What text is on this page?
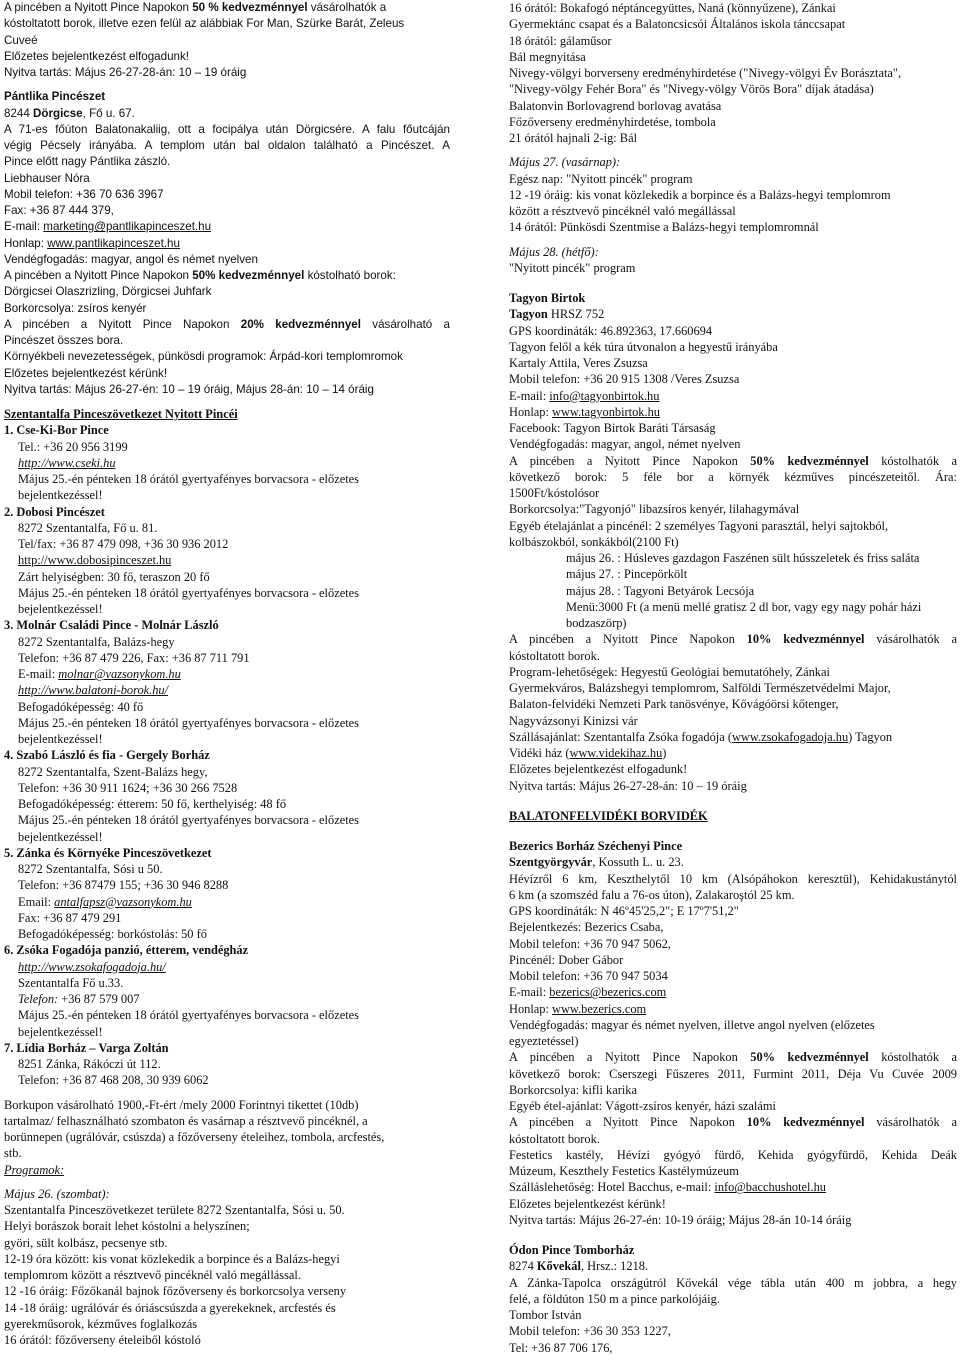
A pincében a Nyitott Pince Napokon 50 % kedvezménnyel vásárolhatók a
kóstoltatott borok, illetve ezen felül az alábbiak For Man, Szürke Barát, Zeleus
Cuveé
Előzetes bejelentkezést elfogadunk!
Nyitva tartás: Május 26-27-28-án: 10 – 19 óráig
Pántlika Pincészet
8244 Dörgicse, Fő u. 67.
A 71-es főúton Balatonakaliig, ott a focipálya után Dörgicsére. A falu főutcáján
végig Pécsely irányába. A templom után bal oldalon található a Pincészet. A
Pince előtt nagy Pántlika zászló.
Liebhauser Nóra
Mobil telefon: +36 70 636 3967
Fax: +36 87 444 379,
E-mail: marketing@pantlikapinceszet.hu
Honlap: www.pantlikapinceszet.hu
Vendégfogadás: magyar, angol és német nyelven
A pincében a Nyitott Pince Napokon 50% kedvezménnyel kóstolható borok:
Dörgicsei Olaszrizling, Dörgicsei Juhfark
Borkorcsolya: zsíros kenyér
A pincében a Nyitott Pince Napokon 20% kedvezménnyel vásárolható a
Pincészet összes bora.
Környékbeli nevezetességek, pünkösdi programok: Árpád-kori templomromok
Előzetes bejelentkezést kérünk!
Nyitva tartás: Május 26-27-én: 10 – 19 óráig, Május 28-án: 10 – 14 óráig
Szentantalfa Pinceszövetkezet Nyitott Pincéi
1. Cse-Ki-Bor Pince
Tel.: +36 20 956 3199
http://www.cseki.hu
Május 25.-én pénteken 18 órától gyertyafényes borvacsora - előzetes
bejelentkezéssel!
2. Dobosi Pincészet
8272 Szentantalfa, Fő u. 81.
Tel/fax: +36 87 479 098, +36 30 936 2012
http://www.dobosipinceszet.hu
Zárt helyiségben: 30 fő, teraszon 20 fő
Május 25.-én pénteken 18 órától gyertyafényes borvacsora - előzetes
bejelentkezéssel!
3. Molnár Családi Pince - Molnár László
8272 Szentantalfa, Balázs-hegy
Telefon: +36 87 479 226, Fax: +36 87 711 791
E-mail: molnar@vazsonykom.hu
http://www.balatoni-borok.hu/
Befogadóképesség: 40 fő
Május 25.-én pénteken 18 órától gyertyafényes borvacsora - előzetes
bejelentkezéssel!
4. Szabó László és fia - Gergely Borház
8272 Szentantalfa, Szent-Balázs hegy,
Telefon: +36 30 911 1624; +36 30 266 7528
Befogadóképesség: étterem: 50 fő, kerthelyiség: 48 fő
Május 25.-én pénteken 18 órától gyertyafényes borvacsora - előzetes
bejelentkezéssel!
5. Zánka és Környéke Pinceszövetkezet
8272 Szentantalfa, Sósi u 50.
Telefon: +36 87479 155; +36 30 946 8288
Email: antalfapsz@vazsonykom.hu
Fax: +36 87 479 291
Befogadóképesség: borkóstolás: 50 fő
6. Zsóka Fogadója panzió, étterem, vendégház
http://www.zsokafogadoja.hu/
Szentantalfa Fő u.33.
Telefon: +36 87 579 007
Május 25.-én pénteken 18 órától gyertyafényes borvacsora - előzetes
bejelentkezéssel!
7. Lídia Borház – Varga Zoltán
8251 Zánka, Rákóczi út 112.
Telefon: +36 87 468 208, 30 939 6062
Borkupon vásárolható 1900,-Ft-ért /mely 2000 Forintnyi tikettet (10db)
tartalmaz/ felhasználható szombaton és vasárnap a résztvevő pincéknél, a
borünnepen (ugrálóvár, csúszda) a főzőverseny ételeihez, tombola, arcfestés,
stb.
Programok:
Május 26. (szombat):
Szentantalfa Pinceszövetkezet területe 8272 Szentantalfa, Sósi u. 50.
Helyi borászok borait lehet kóstolni a helyszínen;
györi, sült kolbász, pecsenye stb.
12-19 óra között: kis vonat közlekedik a borpince és a Balázs-hegyi
templomrom között a résztvevő pincéknél való megállással.
12 -16 óráig: Főzőkanál bajnok főzőverseny és borkorcsolya verseny
14 -18 óráig: ugrálóvár és óriáscsúszda a gyerekeknek, arcfestés és
gyerekműsorok, kézműves foglalkozás
16 órától: főzőverseny ételeiből kóstoló
16 órától: Bokafogó néptáncegyüttes, Naná (könnyűzene), Zánkai
Gyermektánc csapat és a Balatoncsicsói Általános iskola tánccsapat
18 órától: gálaműsor
Bál megnyitása
Nivegy-völgyi borverseny eredményhirdetése ("Nivegy-völgyi Év Borásztata",
"Nivegy-völgy Fehér Bora" és "Nivegy-völgy Vörös Bora" díjak átadása)
Balatonvin Borlovagrend borlovag avatása
Főzőverseny eredményhirdetése, tombola
21 órától hajnali 2-ig: Bál
Május 27. (vasárnap):
Egész nap: "Nyitott pincék" program
12 -19 óráig: kis vonat közlekedik a borpince és a Balázs-hegyi templomrom
között a résztvevő pincéknél való megállással
14 órától: Pünkösdi Szentmise a Balázs-hegyi templomromnál
Május 28. (hétfő):
"Nyitott pincék" program
Tagyon Birtok
Tagyon HRSZ 752
GPS koordináták: 46.892363, 17.660694
Tagyon felől a kék túra útvonalon a hegyestű irányába
Kartaly Attila, Veres Zsuzsa
Mobil telefon: +36 20 915 1308 /Veres Zsuzsa
E-mail: info@tagyonbirtok.hu
Honlap: www.tagyonbirtok.hu
Facebook: Tagyon Birtok Baráti Társaság
Vendégfogadás: magyar, angol, német nyelven
A pincében a Nyitott Pince Napokon 50% kedvezménnyel kóstolhatók a
következő borok: 5 féle bor a környék kézműves pincészeteitől. Ára:
1500Ft/kóstolósor
Borkorcsolya:"Tagyonjó" libazsíros kenyér, lilahagymával
Egyéb ételajánlat a pincénél: 2 személyes Tagyoni parasztál, helyi sajtokból,
kolbászokból, sonkákból(2100 Ft)
május 26. : Húsleves gazdagon Faszénen sült hússzeletek és friss saláta
május 27. : Pincepörkölt
május 28. : Tagyoni Betyárok Lecsója
Menü:3000 Ft (a menü mellé gratisz 2 dl bor, vagy egy nagy pohár házi
bodzaszörp)
A pincében a Nyitott Pince Napokon 10% kedvezménnyel vásárolhatók a
kóstoltatott borok.
Program-lehetőségek: Hegyestű Geológiai bemutatóhely, Zánkai
Gyermekváros, Balázshegyi templomrom, Salföldi Természetvédelmi Major,
Balaton-felvidéki Nemzeti Park tanösvénye, Kővágóörsi kőtenger,
Nagyvázsonyi Kinizsi vár
Szállásajánlat: Szentantalfa Zsóka fogadója (www.zsokafogadoja.hu) Tagyon
Vidéki ház (www.videkihaz.hu)
Előzetes bejelentkezést elfogadunk!
Nyitva tartás: Május 26-27-28-án: 10 – 19 óráig
BALATONFELVIDÉKI BORVIDÉK
Bezerics Borház Széchenyi Pince
Szentgyörgyvár, Kossuth L. u. 23.
Hévízről 6 km, Keszthelytől 10 km (Alsópáhokon keresztül), Kehidakustánytól
6 km (a szomszéd falu a 76-os úton), Zalakaroştól 25 km.
GPS koordináták: N 46º45'25,2"; E 17º7'51,2"
Bejelentkezés: Bezerics Csaba,
Mobil telefon: +36 70 947 5062,
Pincénél: Dober Gábor
Mobil telefon: +36 70 947 5034
E-mail: bezerics@bezerics.com
Honlap: www.bezerics.com
Vendégfogadás: magyar és német nyelven, illetve angol nyelven (előzetes
egyeztetéssel)
A pincében a Nyitott Pince Napokon 50% kedvezménnyel kóstolhatók a
következő borok: Cserszegi Fűszeres 2011, Furmint 2011, Déja Vu Cuvée 2009
Borkorcsolya: kifli karika
Egyéb étel-ajánlat: Vágott-zsíros kenyér, házi szalámi
A pincében a Nyitott Pince Napokon 10% kedvezménnyel vásárolhatók a
kóstoltatott borok.
Festetics kastély, Hévízi gyógyó fürdő, Kehida gyógyfürdő, Kehida Deák
Múzeum, Keszthely Festetics Kastélymúzeum
Szálláslehetőség: Hotel Bacchus, e-mail: info@bacchushotel.hu
Előzetes bejelentkezést kérünk!
Nyitva tartás: Május 26-27-én: 10-19 óráig; Május 28-án 10-14 óráig
Ódon Pince Tomborház
8274 Kővekál, Hrsz.: 1218.
A Zánka-Tapolca országútról Kővekál vége tábla után 400 m jobbra, a hegy
felé, a földúton 150 m a pince parkolójáig.
Tombor István
Mobil telefon: +36 30 353 1227,
Tel: +36 87 706 176,
